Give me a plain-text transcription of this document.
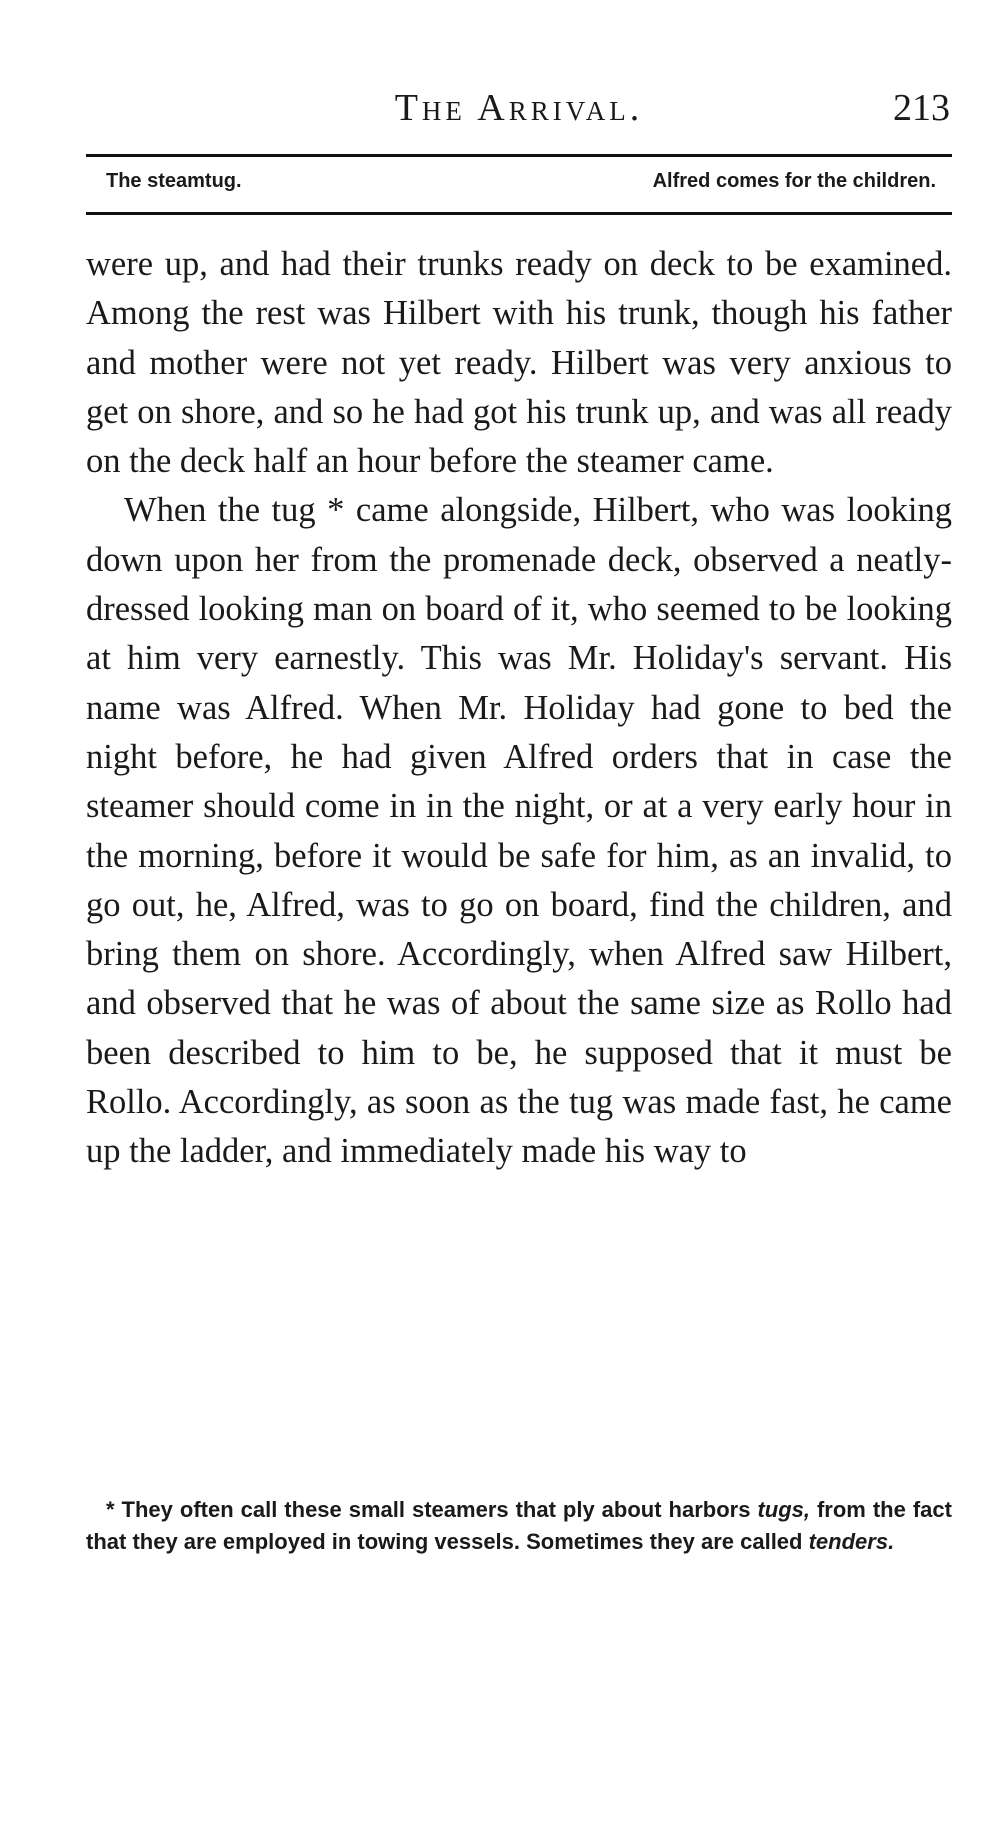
The Arrival.	213
The steamtug.	Alfred comes for the children.

were up, and had their trunks ready on deck to be examined. Among the rest was Hilbert with his trunk, though his father and mother were not yet ready. Hilbert was very anxious to get on shore, and so he had got his trunk up, and was all ready on the deck half an hour before the steamer came.

When the tug * came alongside, Hilbert, who was looking down upon her from the promenade deck, observed a neatly-dressed looking man on board of it, who seemed to be looking at him very earnestly. This was Mr. Holiday's servant. His name was Alfred. When Mr. Holiday had gone to bed the night before, he had given Alfred orders that in case the steamer should come in in the night, or at a very early hour in the morning, before it would be safe for him, as an invalid, to go out, he, Alfred, was to go on board, find the children, and bring them on shore. Accordingly, when Alfred saw Hilbert, and observed that he was of about the same size as Rollo had been described to him to be, he supposed that it must be Rollo. Accordingly, as soon as the tug was made fast, he came up the ladder, and immediately made his way to

* They often call these small steamers that ply about harbors tugs, from the fact that they are employed in towing vessels. Sometimes they are called tenders.
